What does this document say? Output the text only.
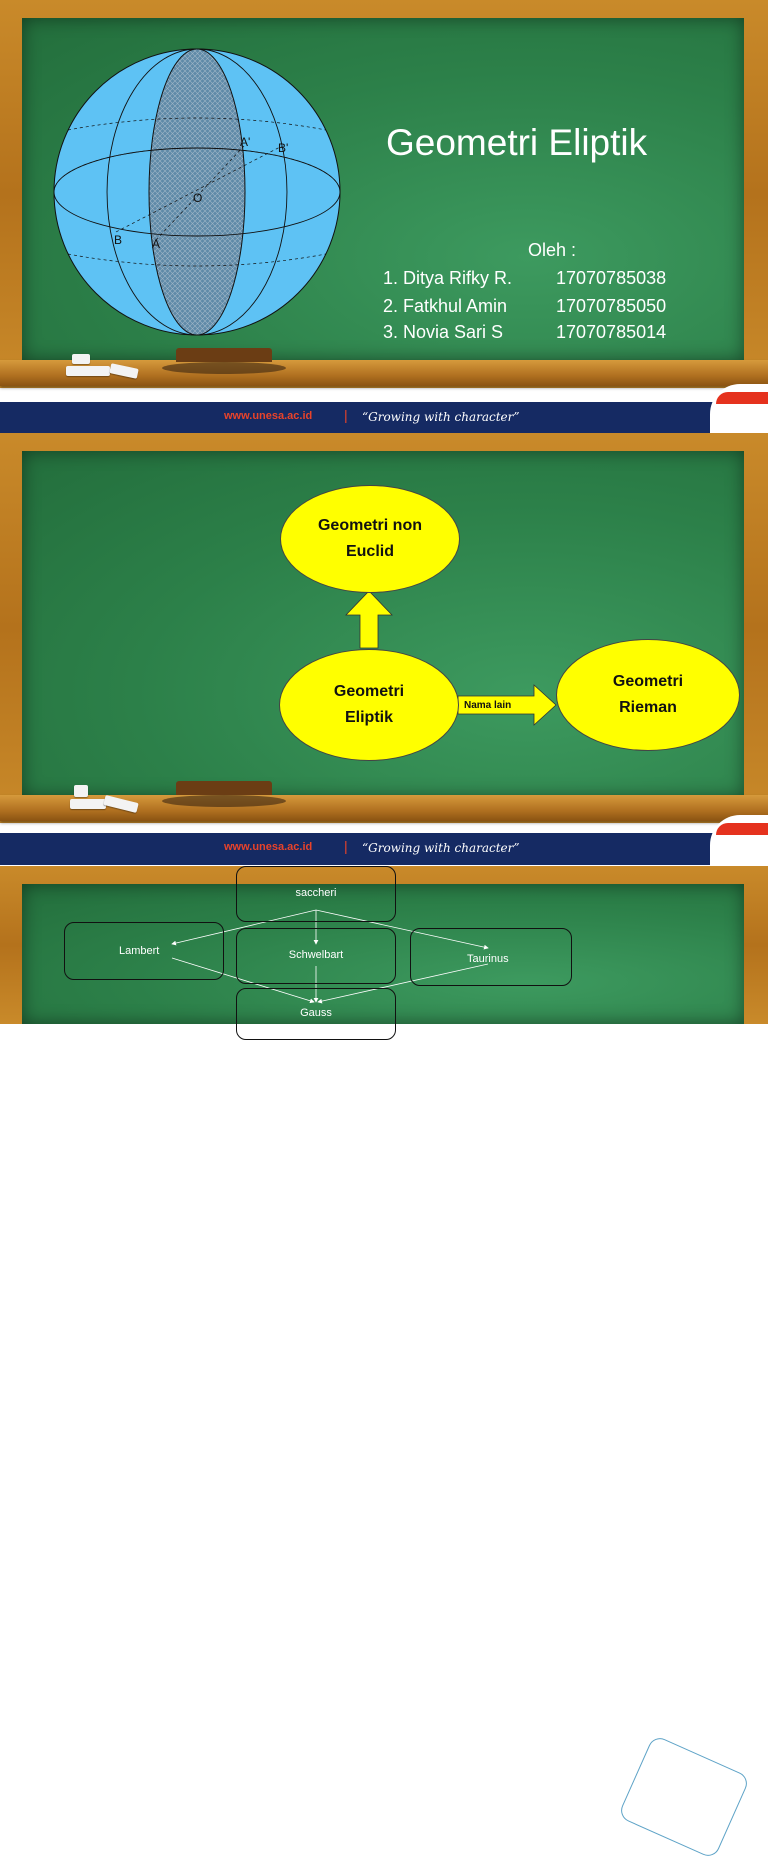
A' B'
O
B A
Geometri Eliptik
Oleh :
1. Ditya Rifky R. 17070785038
2. Fatkhul Amin	17070785050
3. Novia Sari S	17070785014
www.unesa.ac.id | “Growing with character”
Geometri non Euclid
Geometri Eliptik
Geometri Rieman
Nama lain
www.unesa.ac.id | “Growing with character”
saccheri
Lambert	Schwelbart	Taurinus
Gauss
Skema Perkembangan Geometri Non Euclid
